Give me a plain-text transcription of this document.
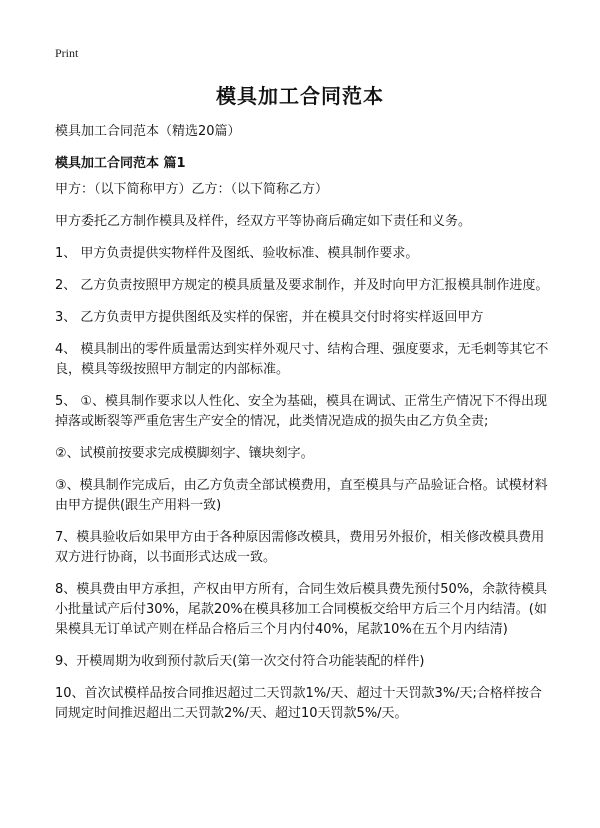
Print
模具加工合同范本
模具加工合同范本（精选20篇）
模具加工合同范本 篇1

甲方：（以下简称甲方）乙方：（以下简称乙方）

甲方委托乙方制作模具及样件，经双方平等协商后确定如下责任和义务。

1、 甲方负责提供实物样件及图纸、验收标准、模具制作要求。

2、 乙方负责按照甲方规定的模具质量及要求制作，并及时向甲方汇报模具制作进度。

3、 乙方负责甲方提供图纸及实样的保密，并在模具交付时将实样返回甲方

4、 模具制出的零件质量需达到实样外观尺寸、结构合理、强度要求，无毛刺等其它不良，模具等级按照甲方制定的内部标准。

5、 ①、模具制作要求以人性化、安全为基础，模具在调试、正常生产情况下不得出现掉落或断裂等严重危害生产安全的情况，此类情况造成的损失由乙方负全责;

②、试模前按要求完成模脚刻字、镶块刻字。

③、模具制作完成后，由乙方负责全部试模费用，直至模具与产品验证合格。试模材料由甲方提供(跟生产用料一致)

7、模具验收后如果甲方由于各种原因需修改模具，费用另外报价，相关修改模具费用双方进行协商，以书面形式达成一致。

8、模具费由甲方承担，产权由甲方所有，合同生效后模具费先预付50%，余款待模具小批量试产后付30%，尾款20%在模具移加工合同模板交给甲方后三个月内结清。(如果模具无订单试产则在样品合格后三个月内付40%，尾款10%在五个月内结清)

9、开模周期为收到预付款后天(第一次交付符合功能装配的样件)

10、首次试模样品按合同推迟超过二天罚款1%/天、超过十天罚款3%/天;合格样按合同规定时间推迟超出二天罚款2%/天、超过10天罚款5%/天。
